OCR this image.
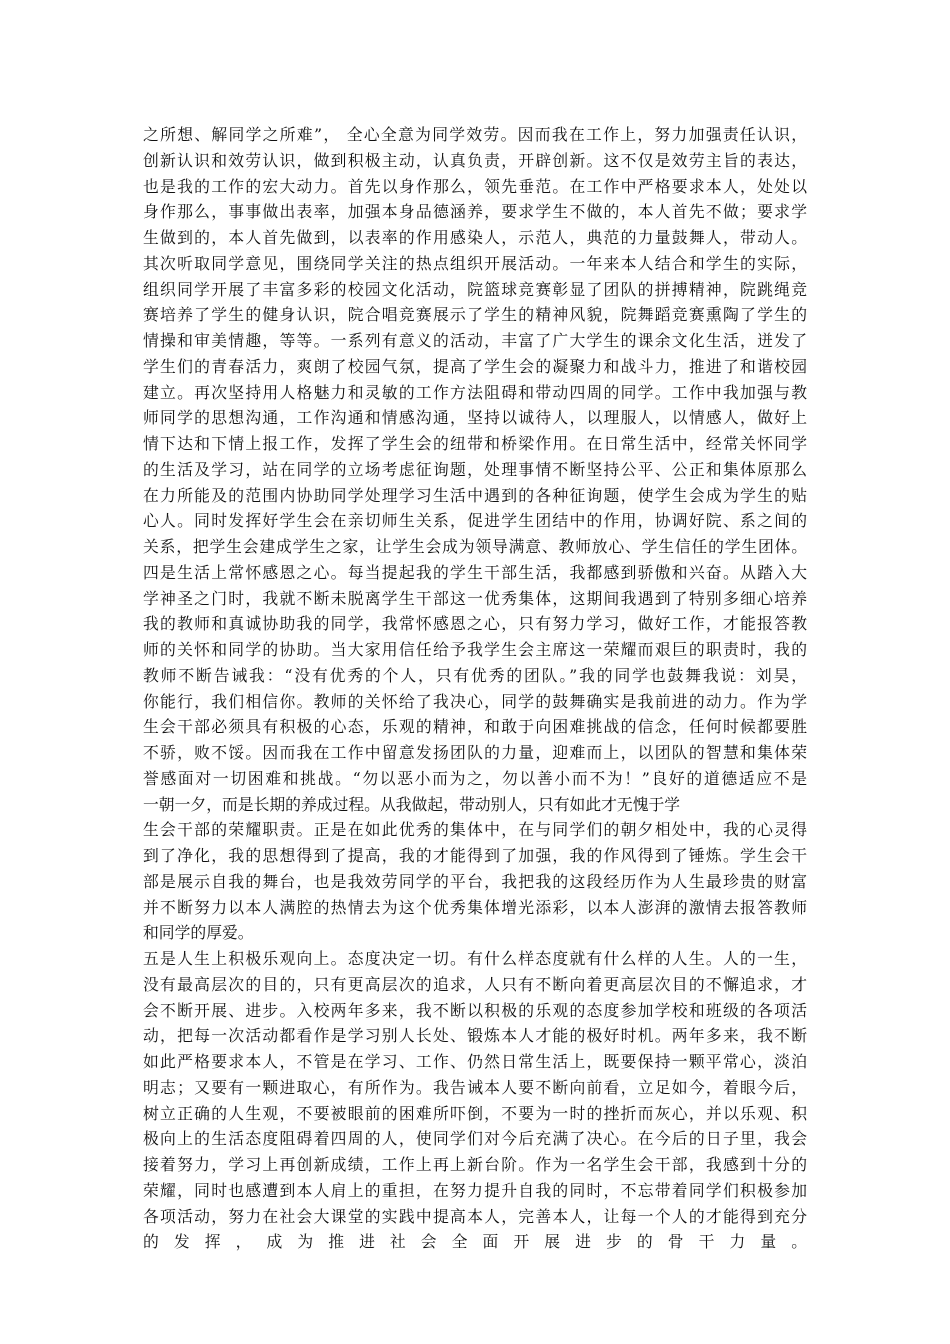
之所想、解同学之所难”， 全心全意为同学效劳。因而我在工作上，努力加强责任认识，
创新认识和效劳认识，做到积极主动，认真负责，开辟创新。这不仅是效劳主旨的表达，
也是我的工作的宏大动力。首先以身作那么，领先垂范。在工作中严格要求本人，处处以
身作那么，事事做出表率，加强本身品德涵养，要求学生不做的，本人首先不做；要求学
生做到的，本人首先做到，以表率的作用感染人，示范人，典范的力量鼓舞人，带动人。
其次听取同学意见，围绕同学关注的热点组织开展活动。一年来本人结合和学生的实际，
组织同学开展了丰富多彩的校园文化活动，院篮球竞赛彰显了团队的拼搏精神，院跳绳竞
赛培养了学生的健身认识，院合唱竞赛展示了学生的精神风貌，院舞蹈竞赛熏陶了学生的
情操和审美情趣，等等。一系列有意义的活动，丰富了广大学生的课余文化生活，迸发了
学生们的青春活力，爽朗了校园气氛，提高了学生会的凝聚力和战斗力，推进了和谐校园
建立。再次坚持用人格魅力和灵敏的工作方法阻碍和带动四周的同学。工作中我加强与教
师同学的思想沟通，工作沟通和情感沟通，坚持以诚待人，以理服人，以情感人，做好上
情下达和下情上报工作，发挥了学生会的纽带和桥梁作用。在日常生活中，经常关怀同学
的生活及学习，站在同学的立场考虑征询题，处理事情不断坚持公平、公正和集体原那么
在力所能及的范围内协助同学处理学习生活中遇到的各种征询题，使学生会成为学生的贴
心人。同时发挥好学生会在亲切师生关系，促进学生团结中的作用，协调好院、系之间的
关系，把学生会建成学生之家，让学生会成为领导满意、教师放心、学生信任的学生团体。
四是生活上常怀感恩之心。每当提起我的学生干部生活，我都感到骄傲和兴奋。从踏入大
学神圣之门时，我就不断未脱离学生干部这一优秀集体，这期间我遇到了特别多细心培养
我的教师和真诚协助我的同学，我常怀感恩之心，只有努力学习，做好工作，才能报答教
师的关怀和同学的协助。当大家用信任给予我学生会主席这一荣耀而艰巨的职责时，我的
教师不断告诫我：“没有优秀的个人，只有优秀的团队。”我的同学也鼓舞我说：刘昊，
你能行，我们相信你。教师的关怀给了我决心，同学的鼓舞确实是我前进的动力。作为学
生会干部必须具有积极的心态，乐观的精神，和敢于向困难挑战的信念，任何时候都要胜
不骄，败不馁。因而我在工作中留意发扬团队的力量，迎难而上，以团队的智慧和集体荣
誉感面对一切困难和挑战。“勿以恶小而为之，勿以善小而不为！”良好的道德适应不是
一朝一夕，而是长期的养成过程。从我做起，带动别人，只有如此才无愧于学
生会干部的荣耀职责。正是在如此优秀的集体中，在与同学们的朝夕相处中，我的心灵得
到了净化，我的思想得到了提高，我的才能得到了加强，我的作风得到了锤炼。学生会干
部是展示自我的舞台，也是我效劳同学的平台，我把我的这段经历作为人生最珍贵的财富
并不断努力以本人满腔的热情去为这个优秀集体增光添彩，以本人澎湃的激情去报答教师
和同学的厚爱。
五是人生上积极乐观向上。态度决定一切。有什么样态度就有什么样的人生。人的一生，
没有最高层次的目的，只有更高层次的追求，人只有不断向着更高层次目的不懈追求，才
会不断开展、进步。入校两年多来，我不断以积极的乐观的态度参加学校和班级的各项活
动，把每一次活动都看作是学习别人长处、锻炼本人才能的极好时机。两年多来，我不断
如此严格要求本人，不管是在学习、工作、仍然日常生活上，既要保持一颗平常心，淡泊
明志；又要有一颗进取心，有所作为。我告诫本人要不断向前看，立足如今，着眼今后，
树立正确的人生观，不要被眼前的困难所吓倒，不要为一时的挫折而灰心，并以乐观、积
极向上的生活态度阻碍着四周的人，使同学们对今后充满了决心。在今后的日子里，我会
接着努力，学习上再创新成绩，工作上再上新台阶。作为一名学生会干部，我感到十分的
荣耀，同时也感遭到本人肩上的重担，在努力提升自我的同时，不忘带着同学们积极参加
各项活动，努力在社会大课堂的实践中提高本人，完善本人，让每一个人的才能得到充分
的发挥，成为推进社会全面开展进步的骨干力量。
